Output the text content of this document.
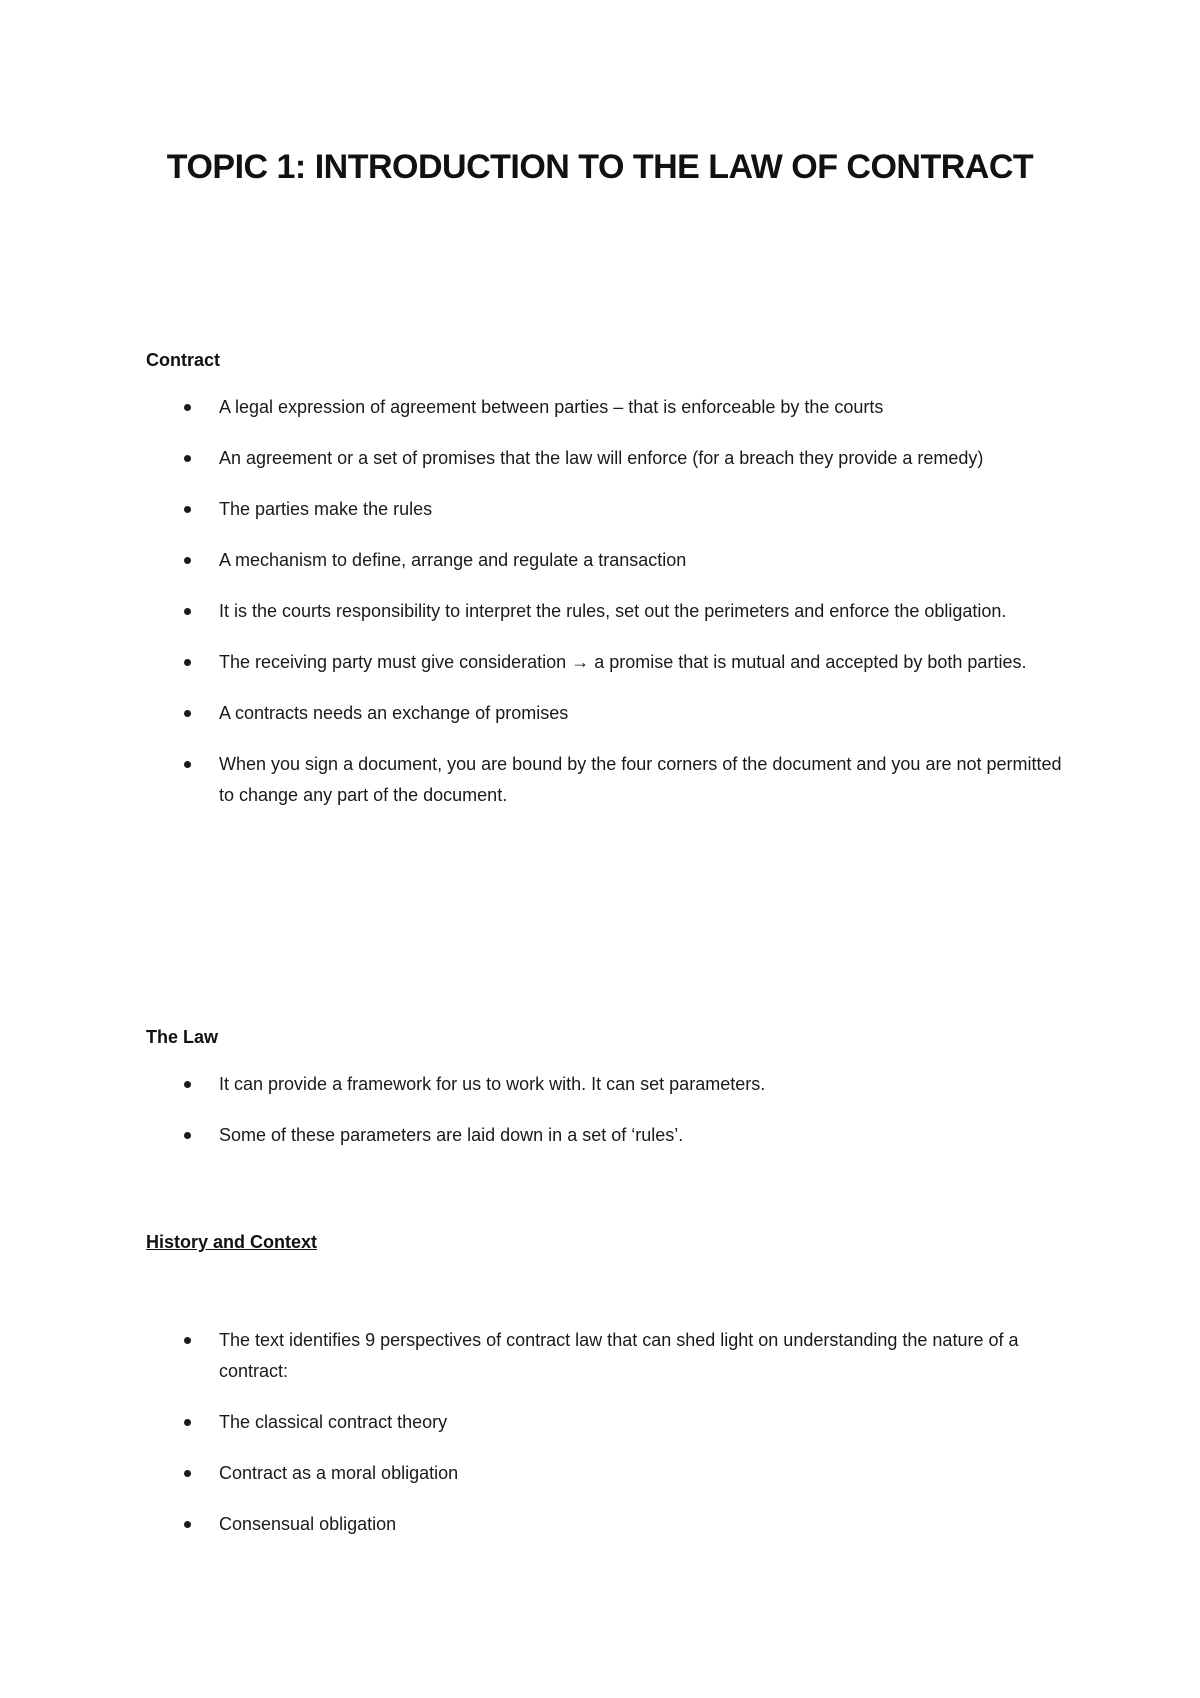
TOPIC 1: INTRODUCTION TO THE LAW OF CONTRACT
Contract
A legal expression of agreement between parties – that is enforceable by the courts
An agreement or a set of promises that the law will enforce (for a breach they provide a remedy)
The parties make the rules
A mechanism to define, arrange and regulate a transaction
It is the courts responsibility to interpret the rules, set out the perimeters and enforce the obligation.
The receiving party must give consideration → a promise that is mutual and accepted by both parties.
A contracts needs an exchange of promises
When you sign a document, you are bound by the four corners of the document and you are not permitted to change any part of the document.
The Law
It can provide a framework for us to work with. It can set parameters.
Some of these parameters are laid down in a set of ‘rules’.
History and Context
The text identifies 9 perspectives of contract law that can shed light on understanding the nature of a contract:
The classical contract theory
Contract as a moral obligation
Consensual obligation
